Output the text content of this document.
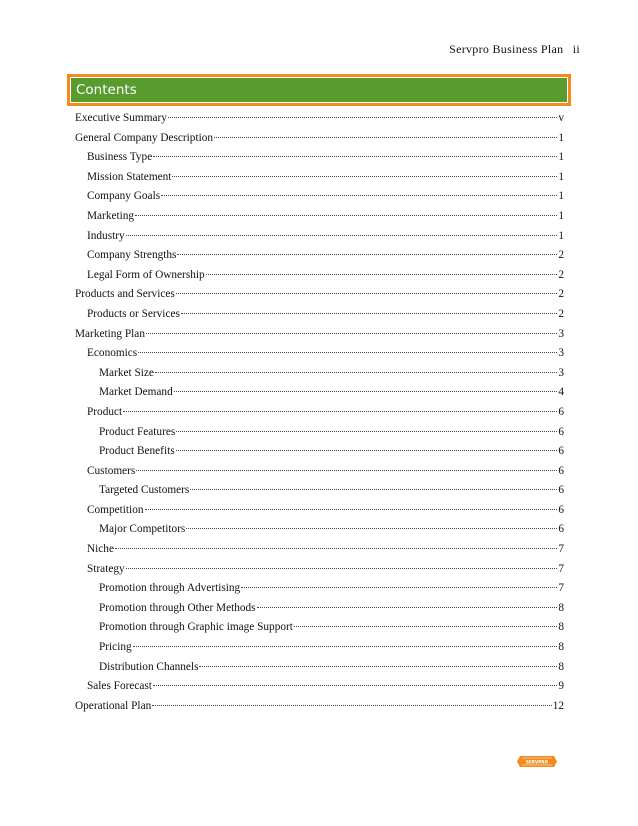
Servpro Business Plan ii
Contents
Executive Summary	v
General Company Description	1
Business Type	1
Mission Statement	1
Company Goals	1
Marketing	1
Industry	1
Company Strengths	2
Legal Form of Ownership	2
Products and Services	2
Products or Services	2
Marketing Plan	3
Economics	3
Market Size	3
Market Demand	4
Product	6
Product Features	6
Product Benefits	6
Customers	6
Targeted Customers	6
Competition	6
Major Competitors	6
Niche	7
Strategy	7
Promotion through Advertising	7
Promotion through Other Methods	8
Promotion through Graphic image Support	8
Pricing	8
Distribution Channels	8
Sales Forecast	9
Operational Plan	12
SERVPRO
